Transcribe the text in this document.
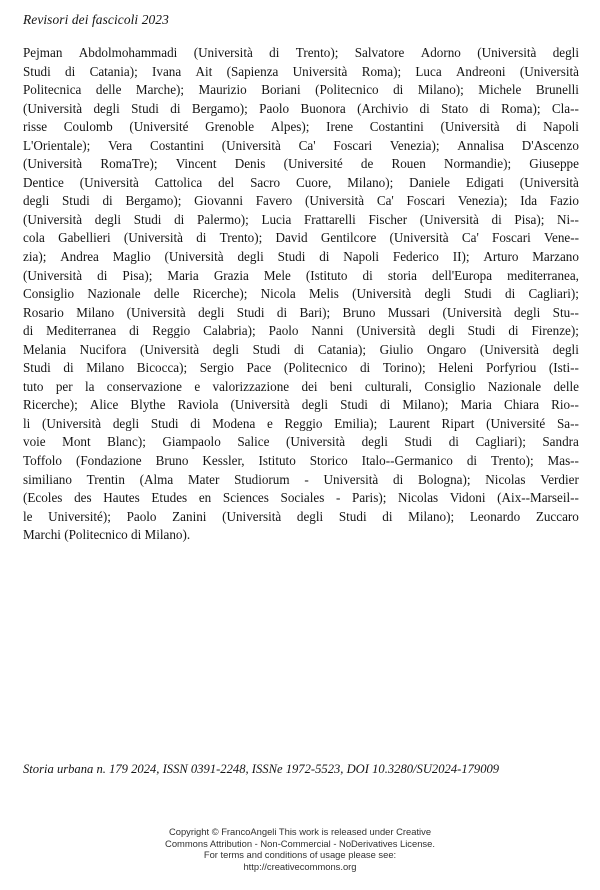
Revisori dei fascicoli 2023
Pejman Abdolmohammadi (Università di Trento); Salvatore Adorno (Università degli
Studi di Catania); Ivana Ait (Sapienza Università Roma); Luca Andreoni (Università
Politecnica delle Marche); Maurizio Boriani (Politecnico di Milano); Michele Brunelli
(Università degli Studi di Bergamo); Paolo Buonora (Archivio di Stato di Roma); Cla--
risse Coulomb (Université Grenoble Alpes); Irene Costantini (Università di Napoli
L'Orientale); Vera Costantini (Università Ca' Foscari Venezia); Annalisa D'Ascenzo
(Università RomaTre); Vincent Denis (Université de Rouen Normandie); Giuseppe
Dentice (Università Cattolica del Sacro Cuore, Milano); Daniele Edigati (Università
degli Studi di Bergamo); Giovanni Favero (Università Ca' Foscari Venezia); Ida Fazio
(Università degli Studi di Palermo); Lucia Frattarelli Fischer (Università di Pisa); Ni--
cola Gabellieri (Università di Trento); David Gentilcore (Università Ca' Foscari Vene--
zia); Andrea Maglio (Università degli Studi di Napoli Federico II); Arturo Marzano
(Università di Pisa); Maria Grazia Mele (Istituto di storia dell'Europa mediterranea,
Consiglio Nazionale delle Ricerche); Nicola Melis (Università degli Studi di Cagliari);
Rosario Milano (Università degli Studi di Bari); Bruno Mussari (Università degli Stu--
di Mediterranea di Reggio Calabria); Paolo Nanni (Università degli Studi di Firenze);
Melania Nucifora (Università degli Studi di Catania); Giulio Ongaro (Università degli
Studi di Milano Bicocca); Sergio Pace (Politecnico di Torino); Heleni Porfyriou (Isti--
tuto per la conservazione e valorizzazione dei beni culturali, Consiglio Nazionale delle
Ricerche); Alice Blythe Raviola (Università degli Studi di Milano); Maria Chiara Rio--
li (Università degli Studi di Modena e Reggio Emilia); Laurent Ripart (Université Sa--
voie Mont Blanc); Giampaolo Salice (Università degli Studi di Cagliari); Sandra
Toffolo (Fondazione Bruno Kessler, Istituto Storico Italo--Germanico di Trento); Mas--
similiano Trentin (Alma Mater Studiorum - Università di Bologna); Nicolas Verdier
(Ecoles des Hautes Etudes en Sciences Sociales - Paris); Nicolas Vidoni (Aix--Marseil--
le Université); Paolo Zanini (Università degli Studi di Milano); Leonardo Zuccaro
Marchi (Politecnico di Milano).
Storia urbana n. 179 2024, ISSN 0391-2248, ISSNe 1972-5523, DOI 10.3280/SU2024-179009
Copyright © FrancoAngeli This work is released under Creative
Commons Attribution - Non-Commercial - NoDerivatives License.
For terms and conditions of usage please see:
http://creativecommons.org
